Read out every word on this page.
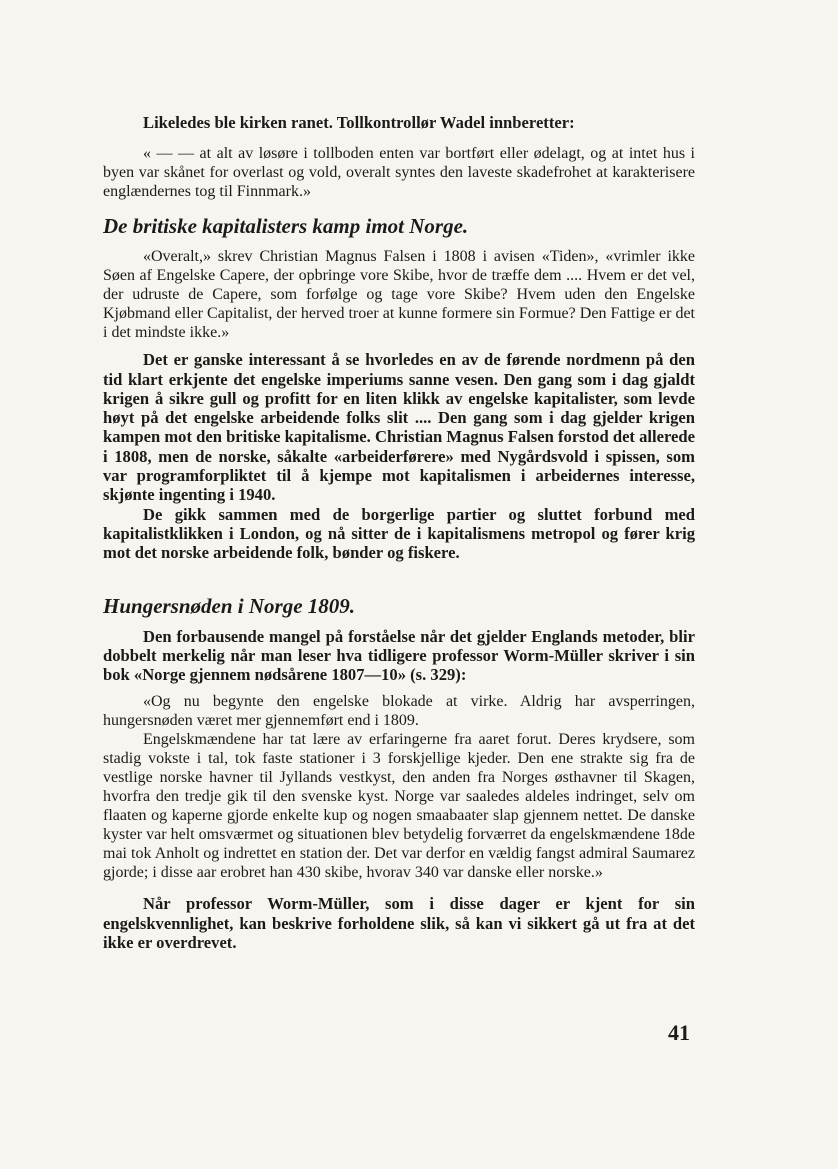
Likeledes ble kirken ranet. Tollkontrollør Wadel innberetter:

« — — at alt av løsøre i tollboden enten var bortført eller ødelagt, og at intet hus i byen var skånet for overlast og vold, overalt syntes den laveste skadefrohet at karakterisere englændernes tog til Finnmark.»

De britiske kapitalisters kamp imot Norge.

«Overalt,» skrev Christian Magnus Falsen i 1808 i avisen «Tiden», «vrimler ikke Søen af Engelske Capere, der opbringe vore Skibe, hvor de træffe dem .... Hvem er det vel, der udruste de Capere, som forfølge og tage vore Skibe? Hvem uden den Engelske Kjøbmand eller Capitalist, der herved troer at kunne formere sin Formue? Den Fattige er det i det mindste ikke.»

Det er ganske interessant å se hvorledes en av de førende nordmenn på den tid klart erkjente det engelske imperiums sanne vesen. Den gang som i dag gjaldt krigen å sikre gull og profitt for en liten klikk av engelske kapitalister, som levde høyt på det engelske arbeidende folks slit .... Den gang som i dag gjelder krigen kampen mot den britiske kapitalisme. Christian Magnus Falsen forstod det allerede i 1808, men de norske, såkalte «arbeiderførere» med Nygårdsvold i spissen, som var programforpliktet til å kjempe mot kapitalismen i arbeidernes interesse, skjønte ingenting i 1940.

De gikk sammen med de borgerlige partier og sluttet forbund med kapitalistklikken i London, og nå sitter de i kapitalismens metropol og fører krig mot det norske arbeidende folk, bønder og fiskere.

Hungersnøden i Norge 1809.

Den forbausende mangel på forståelse når det gjelder Englands metoder, blir dobbelt merkelig når man leser hva tidligere professor Worm-Müller skriver i sin bok «Norge gjennem nødsårene 1807—10» (s. 329):

«Og nu begynte den engelske blokade at virke. Aldrig har avsperringen, hungersnøden været mer gjennemført end i 1809.

Engelskmændene har tat lære av erfaringerne fra aaret forut. Deres krydsere, som stadig vokste i tal, tok faste stationer i 3 forskjellige kjeder. Den ene strakte sig fra de vestlige norske havner til Jyllands vestkyst, den anden fra Norges østhavner til Skagen, hvorfra den tredje gik til den svenske kyst. Norge var saaledes aldeles indringet, selv om flaaten og kaperne gjorde enkelte kup og nogen smaabaater slap gjennem nettet. De danske kyster var helt omsværmet og situationen blev betydelig forværret da engelskmændene 18de mai tok Anholt og indrettet en station der. Det var derfor en vældig fangst admiral Saumarez gjorde; i disse aar erobret han 430 skibe, hvorav 340 var danske eller norske.»

Når professor Worm-Müller, som i disse dager er kjent for sin engelskvennlighet, kan beskrive forholdene slik, så kan vi sikkert gå ut fra at det ikke er overdrevet.

41
